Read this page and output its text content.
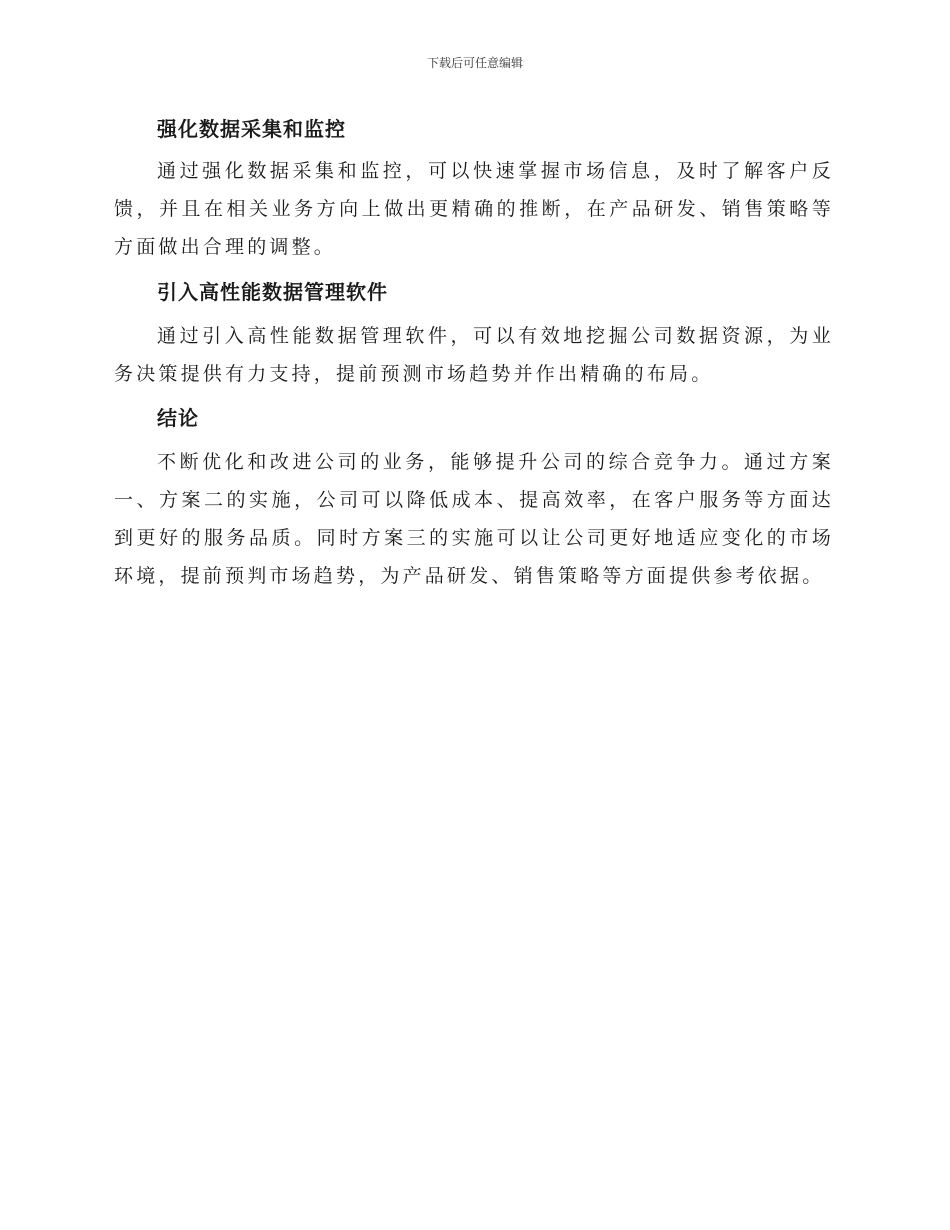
下载后可任意编辑
强化数据采集和监控

通过强化数据采集和监控，可以快速掌握市场信息，及时了解客户反馈，并且在相关业务方向上做出更精确的推断，在产品研发、销售策略等方面做出合理的调整。

引入高性能数据管理软件

通过引入高性能数据管理软件，可以有效地挖掘公司数据资源，为业务决策提供有力支持，提前预测市场趋势并作出精确的布局。

结论

不断优化和改进公司的业务，能够提升公司的综合竞争力。通过方案一、方案二的实施，公司可以降低成本、提高效率，在客户服务等方面达到更好的服务品质。同时方案三的实施可以让公司更好地适应变化的市场环境，提前预判市场趋势，为产品研发、销售策略等方面提供参考依据。
